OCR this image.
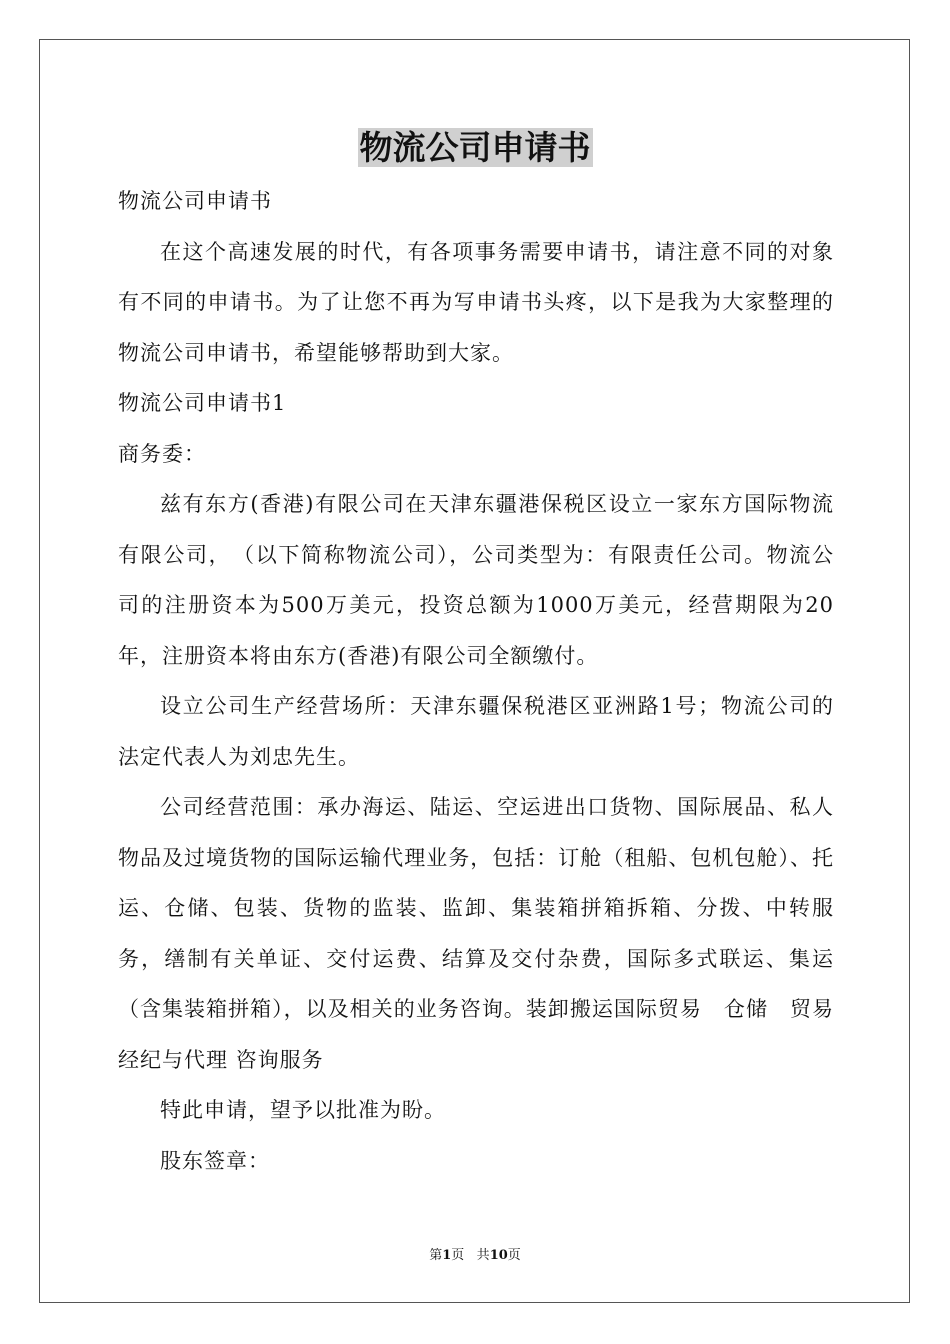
物流公司申请书

物流公司申请书

在这个高速发展的时代，有各项事务需要申请书，请注意不同的对象有不同的申请书。为了让您不再为写申请书头疼，以下是我为大家整理的物流公司申请书，希望能够帮助到大家。

物流公司申请书1

商务委：

兹有东方(香港)有限公司在天津东疆港保税区设立一家东方国际物流有限公司，　（以下简称物流公司），公司类型为：有限责任公司。物流公司的注册资本为500万美元，投资总额为1000万美元，经营期限为20年，注册资本将由东方(香港)有限公司全额缴付。

设立公司生产经营场所：天津东疆保税港区亚洲路1号；物流公司的法定代表人为刘忠先生。

公司经营范围：承办海运、陆运、空运进出口货物、国际展品、私人物品及过境货物的国际运输代理业务，包括：订舱（租船、包机包舱）、托运、仓储、包装、货物的监装、监卸、集装箱拼箱拆箱、分拨、中转服务，缮制有关单证、交付运费、结算及交付杂费，国际多式联运、集运（含集装箱拼箱），以及相关的业务咨询。装卸搬运国际贸易　仓储　贸易经纪与代理 咨询服务

特此申请，望予以批准为盼。

股东签章：

第1页 共10页
